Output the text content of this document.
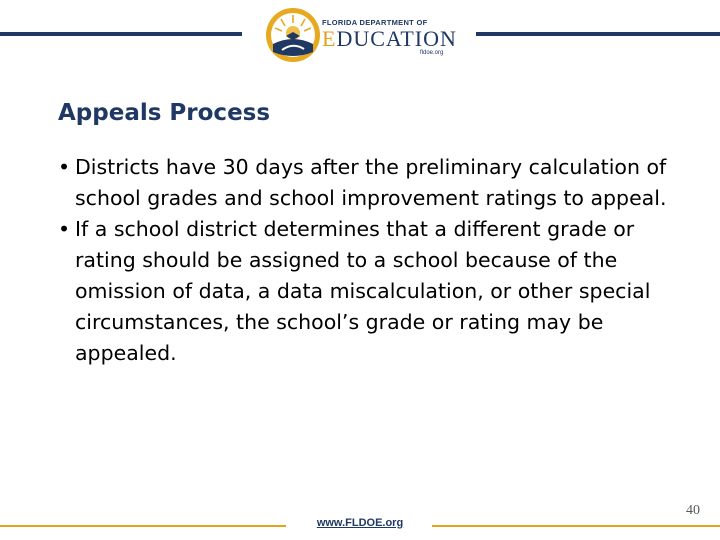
FLORIDA DEPARTMENT OF
EDUCATION
fldoe.org
Appeals Process
• Districts have 30 days after the preliminary calculation of school grades and school improvement ratings to appeal.
• If a school district determines that a different grade or rating should be assigned to a school because of the omission of data, a data miscalculation, or other special circumstances, the school’s grade or rating may be appealed.
www.FLDOE.org
40
